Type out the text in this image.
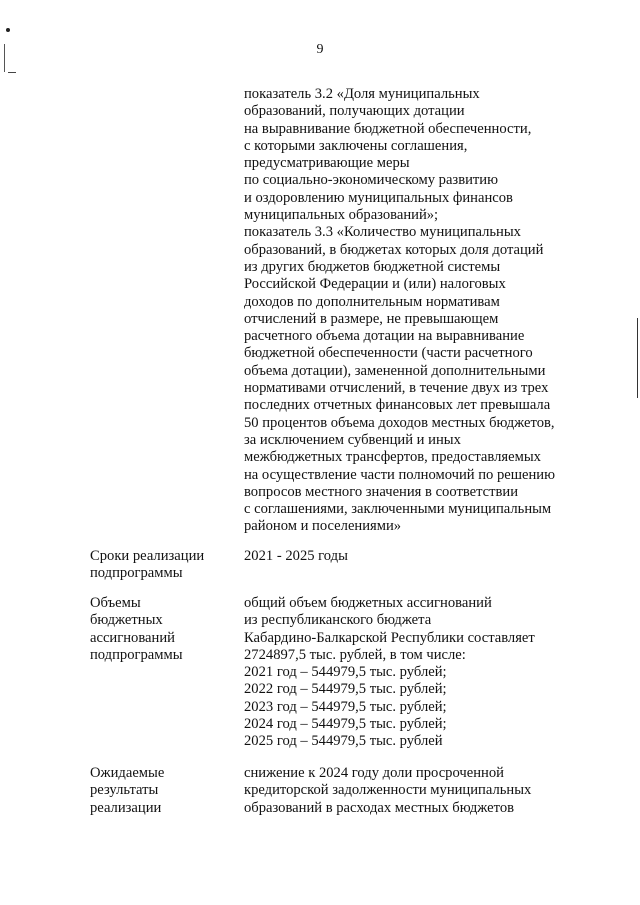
9
показатель 3.2 «Доля муниципальных
образований, получающих дотации
на выравнивание бюджетной обеспеченности,
с которыми заключены соглашения,
предусматривающие меры
по социально-экономическому развитию
и оздоровлению муниципальных финансов
муниципальных образований»;
показатель 3.3 «Количество муниципальных
образований, в бюджетах которых доля дотаций
из других бюджетов бюджетной системы
Российской Федерации и (или) налоговых
доходов по дополнительным нормативам
отчислений в размере, не превышающем
расчетного объема дотации на выравнивание
бюджетной обеспеченности (части расчетного
объема дотации), замененной дополнительными
нормативами отчислений, в течение двух из трех
последних отчетных финансовых лет превышала
50 процентов объема доходов местных бюджетов,
за исключением субвенций и иных
межбюджетных трансфертов, предоставляемых
на осуществление части полномочий по решению
вопросов местного значения в соответствии
с соглашениями, заключенными муниципальным
районом и поселениями»
Сроки реализации
подпрограммы
2021 - 2025 годы
Объемы
бюджетных
ассигнований
подпрограммы
общий объем бюджетных ассигнований
из республиканского бюджета
Кабардино-Балкарской Республики составляет
2724897,5 тыс. рублей, в том числе:
2021 год – 544979,5 тыс. рублей;
2022 год – 544979,5 тыс. рублей;
2023 год – 544979,5 тыс. рублей;
2024 год – 544979,5 тыс. рублей;
2025 год – 544979,5 тыс. рублей
Ожидаемые
результаты
реализации
снижение к 2024 году доли просроченной
кредиторской задолженности муниципальных
образований в расходах местных бюджетов
